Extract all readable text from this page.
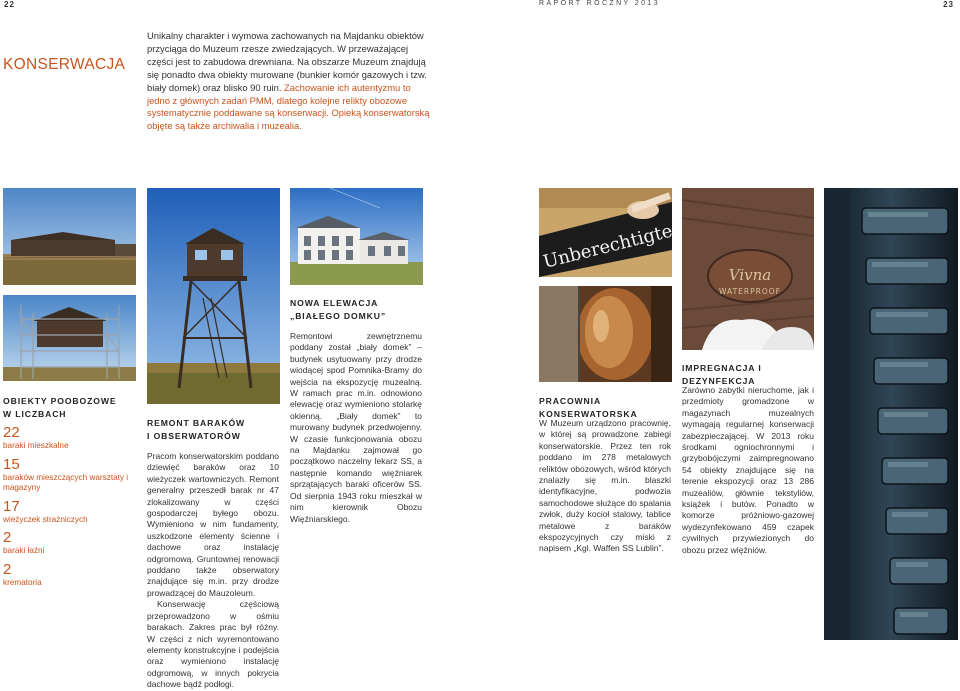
22	RAPORT ROCZNY 2013	23
KONSERWACJA
Unikalny charakter i wymowa zachowanych na Majdanku obiektów przyciąga do Muzeum rzesze zwiedzających. W przeważającej części jest to zabudowa drewniana. Na obszarze Muzeum znajdują się ponadto dwa obiekty murowane (bunkier komór gazowych i tzw. biały domek) oraz blisko 90 ruin. Zachowanie ich autentyzmu to jedno z głównych zadań PMM, dlatego kolejne relikty obozowe systematycznie poddawane są konserwacji. Opieką konserwatorską objęte są także archiwalia i muzealia.
Unberechtigte
Vivna
WATERPROOF
OBIEKTY POOBOZOWE
W LICZBACH
22
baraki mieszkalne
15
baraków mieszczących warsztaty i magazyny
17
wieżyczek strażniczych
2
baraki łaźni
2
krematoria
REMONT BARAKÓW
I OBSERWATORÓW

Pracom konserwatorskim poddano dziewięć baraków oraz 10 wieżyczek wartowniczych. Remont generalny przeszedł barak nr 47 zlokalizowany w części gospodarczej byłego obozu. Wymieniono w nim fundamenty, uszkodzone elementy ścienne i dachowe oraz instalację odgromową. Gruntownej renowacji poddano także obserwatory znajdujące się m.in. przy drodze prowadzącej do Mauzoleum.

Konserwację częściową przeprowadzono w ośmiu barakach. Zakres prac był różny. W części z nich wyremontowano elementy konstrukcyjne i podejścia oraz wymieniono instalację odgromową, w innych pokrycia dachowe bądź podłogi.

NOWA ELEWACJA
„BIAŁEGO DOMKU”

Remontowi zewnętrznemu poddany został „biały domek” – budynek usytuowany przy drodze wiodącej spod Pomnika-Bramy do wejścia na ekspozycję muzealną. W ramach prac m.in. odnowiono elewację oraz wymieniono stolarkę okienną. „Biały domek” to murowany budynek przedwojenny. W czasie funkcjonowania obozu na Majdanku zajmował go początkowo naczelny lekarz SS, a następnie komando więźniarek sprzątających baraki oficerów SS. Od sierpnia 1943 roku mieszkał w nim kierownik Obozu Więźniarskiego.

PRACOWNIA KONSERWATORSKA

W Muzeum urządzono pracownię, w której są prowadzone zabiegi konserwatorskie. Przez ten rok poddano im 278 metalowych reliktów obozowych, wśród których znalazły się m.in. blaszki identyfikacyjne, podwozia samochodowe służące do spalania zwłok, duży kocioł stalowy, tablice metalowe z baraków ekspozycyjnych czy miski z napisem „Kgl. Waffen SS Lublin”.

IMPREGNACJA I DEZYNFEKCJA

Zarówno zabytki nieruchome, jak i przedmioty gromadzone w magazynach muzealnych wymagają regularnej konserwacji zabezpieczającej. W 2013 roku środkami ogniochronnymi i grzybobójczymi zaimpregnowano 54 obiekty znajdujące się na terenie ekspozycji oraz 13 286 muzealiów, głównie tekstyliów, książek i butów. Ponadto w komorze próżniowo-gazowej wydezynfekowano 459 czapek cywilnych przywiezionych do obozu przez więźniów.
